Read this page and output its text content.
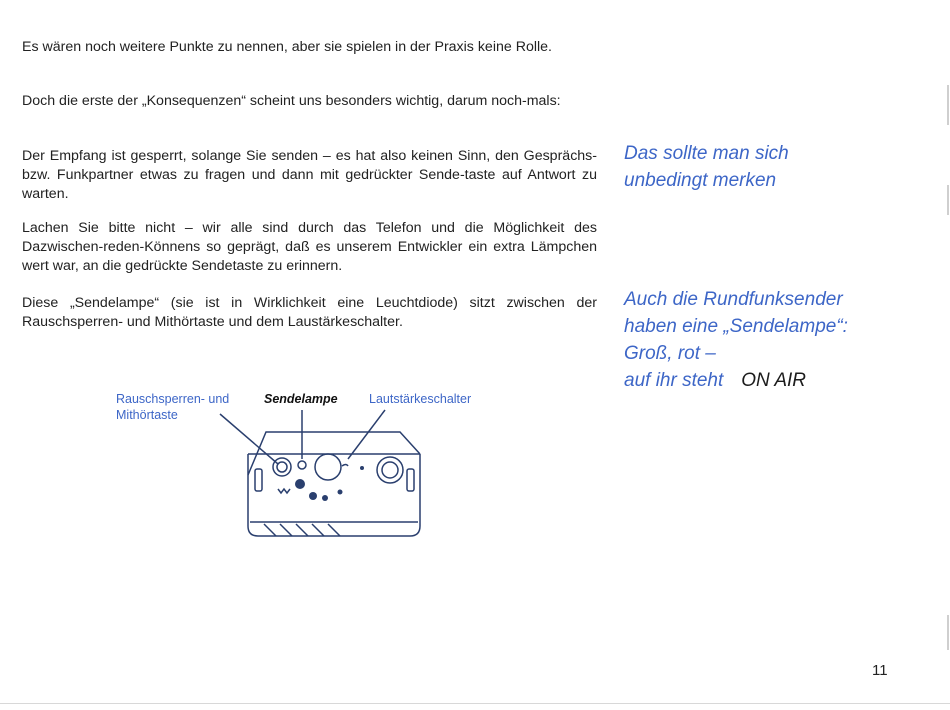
Es wären noch weitere Punkte zu nennen, aber sie spielen in der Praxis keine Rolle.

Doch die erste der „Konsequenzen“ scheint uns besonders wichtig, darum noch-mals:

Der Empfang ist gesperrt, solange Sie senden – es hat also keinen Sinn, den Gesprächs- bzw. Funkpartner etwas zu fragen und dann mit gedrückter Sende-taste auf Antwort zu warten.

Lachen Sie bitte nicht – wir alle sind durch das Telefon und die Möglichkeit des Dazwischen-reden-Könnens so geprägt, daß es unserem Entwickler ein extra Lämpchen wert war, an die gedrückte Sendetaste zu erinnern.

Diese „Sendelampe“ (sie ist in Wirklichkeit eine Leuchtdiode) sitzt zwischen der Rauschsperren- und Mithörtaste und dem Laustärkeschalter.

Das sollte man sich
unbedingt merken
Auch die Rundfunksender
haben eine „Sendelampe“:
Groß, rot –
auf ihr steht ON AIR
Rauschsperren- und
Mithörtaste
Sendelampe	Lautstärkeschalter

11
